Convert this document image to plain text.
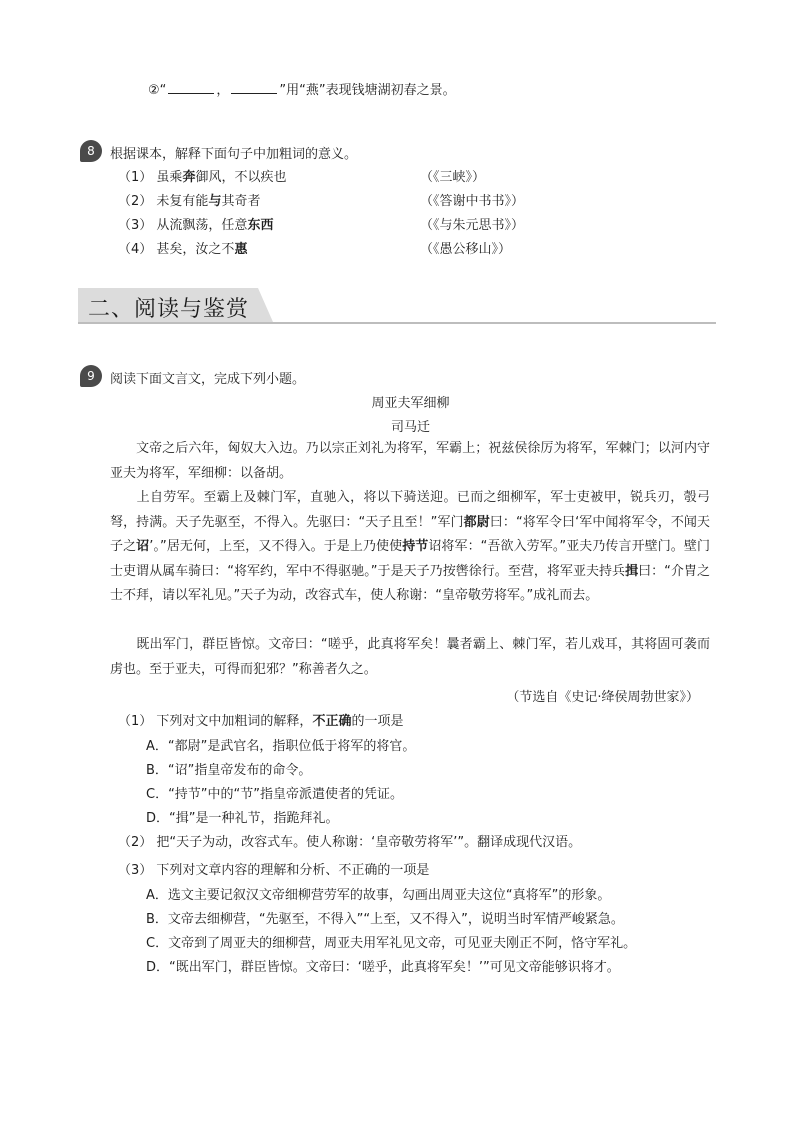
②“	，	”用“燕”表现钱塘湖初春之景。
8	根据课本，解释下面句子中加粗词的意义。
（1） 虽乘奔御风，不以疾也	（《三峡》）
（2） 未复有能与其奇者	（《答谢中书书》）
（3） 从流飘荡，任意东西	（《与朱元思书》）
（4） 甚矣，汝之不惠	（《愚公移山》）
二、阅读与鉴赏
9	阅读下面文言文，完成下列小题。
周亚夫军细柳
司马迁
　　文帝之后六年，匈奴大入边。乃以宗正刘礼为将军，军霸上；祝兹侯徐厉为将军，军棘门；以河内守亚夫为将军，军细柳：以备胡。
　　上自劳军。至霸上及棘门军，直驰入，将以下骑送迎。已而之细柳军，军士吏被甲，锐兵刃，彀弓弩，持满。天子先驱至，不得入。先驱曰：“天子且至！”军门都尉曰：“将军令曰‘军中闻将军令，不闻天子之诏’。”居无何，上至，又不得入。于是上乃使使持节诏将军：“吾欲入劳军。”亚夫乃传言开壁门。壁门士吏谓从属车骑曰：“将军约，军中不得驱驰。”于是天子乃按辔徐行。至营，将军亚夫持兵揖曰：“介胄之士不拜，请以军礼见。”天子为动，改容式车，使人称谢：“皇帝敬劳将军。”成礼而去。
　　既出军门，群臣皆惊。文帝曰：“嗟乎，此真将军矣！曩者霸上、棘门军，若儿戏耳，其将固可袭而虏也。至于亚夫，可得而犯邪？”称善者久之。
（节选自《史记·绛侯周勃世家》）
（1） 下列对文中加粗词的解释，不正确的一项是
A．“都尉”是武官名，指职位低于将军的将官。
B．“诏”指皇帝发布的命令。
C．“持节”中的“节”指皇帝派遣使者的凭证。
D．“揖”是一种礼节，指跪拜礼。
（2） 把“天子为动，改容式车。使人称谢：‘皇帝敬劳将军’”。翻译成现代汉语。
（3） 下列对文章内容的理解和分析、不正确的一项是
A．选文主要记叙汉文帝细柳营劳军的故事，勾画出周亚夫这位“真将军”的形象。
B．文帝去细柳营，“先驱至，不得入”“上至，又不得入”，说明当时军情严峻紧急。
C．文帝到了周亚夫的细柳营，周亚夫用军礼见文帝，可见亚夫刚正不阿，恪守军礼。
D．“既出军门，群臣皆惊。文帝曰：‘嗟乎，此真将军矣！’”可见文帝能够识将才。
